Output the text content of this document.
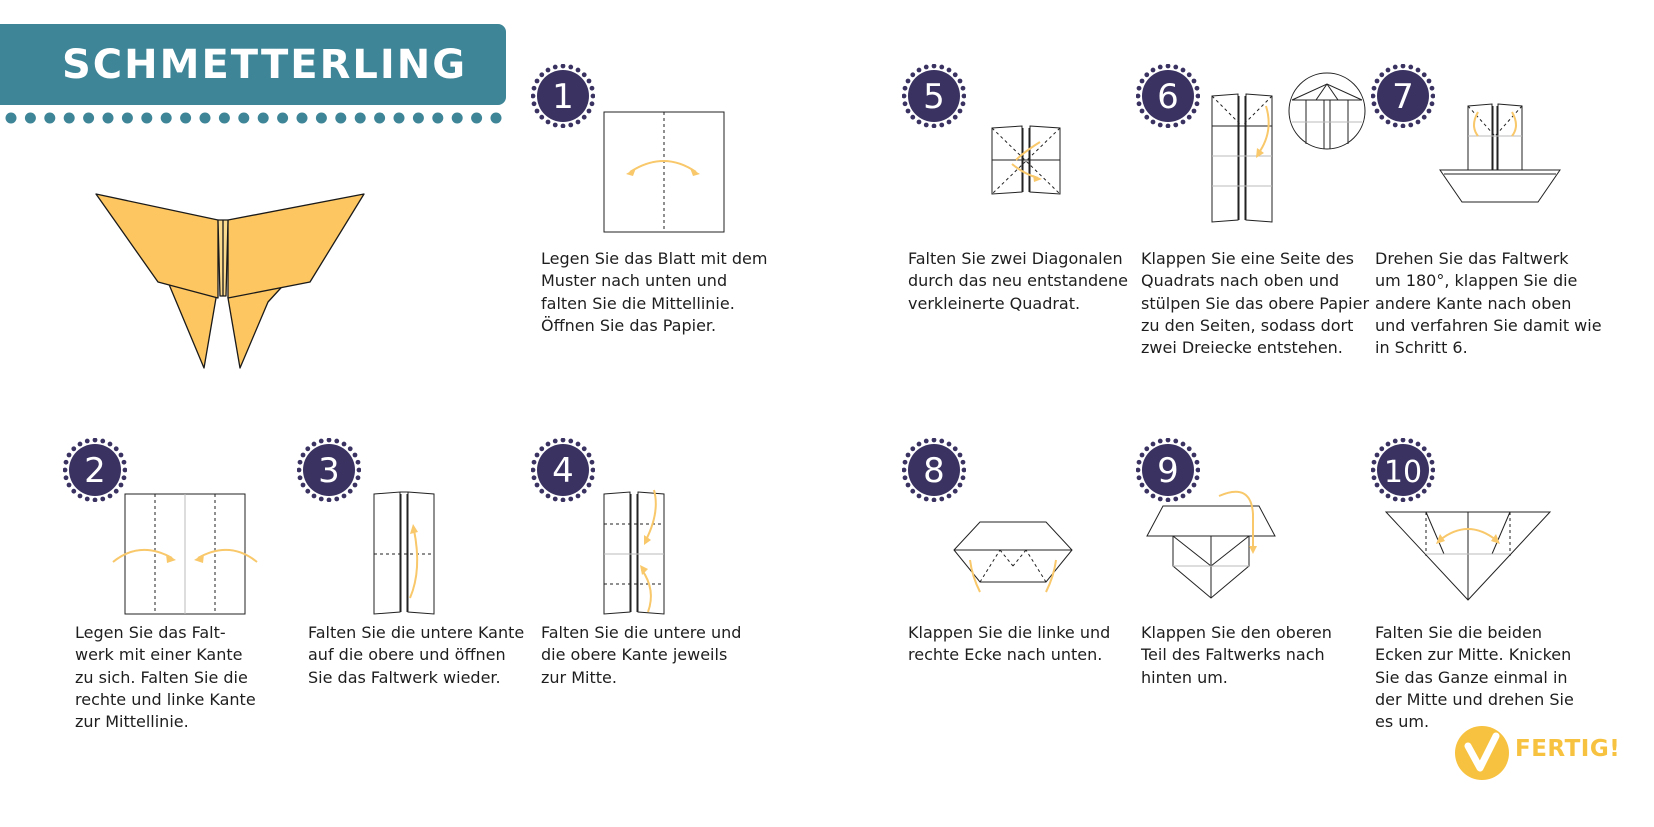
SCHMETTERLING
1
2	3	4
5	6	7
8	9	10
Legen Sie das Blatt mit dem
Muster nach unten und
falten Sie die Mittellinie.
Öffnen Sie das Papier.
Legen Sie das Falt-
werk mit einer Kante
zu sich. Falten Sie die
rechte und linke Kante
zur Mittellinie.
Falten Sie die untere Kante
auf die obere und öffnen
Sie das Faltwerk wieder.
Falten Sie die untere und
die obere Kante jeweils
zur Mitte.
Falten Sie zwei Diagonalen
durch das neu entstandene
verkleinerte Quadrat.
Klappen Sie eine Seite des
Quadrats nach oben und
stülpen Sie das obere Papier
zu den Seiten, sodass dort
zwei Dreiecke entstehen.
Drehen Sie das Faltwerk
um 180°, klappen Sie die
andere Kante nach oben
und verfahren Sie damit wie
in Schritt 6.
Klappen Sie die linke und
rechte Ecke nach unten.
Klappen Sie den oberen
Teil des Faltwerks nach
hinten um.
Falten Sie die beiden
Ecken zur Mitte. Knicken
Sie das Ganze einmal in
der Mitte und drehen Sie
es um.
FERTIG!
